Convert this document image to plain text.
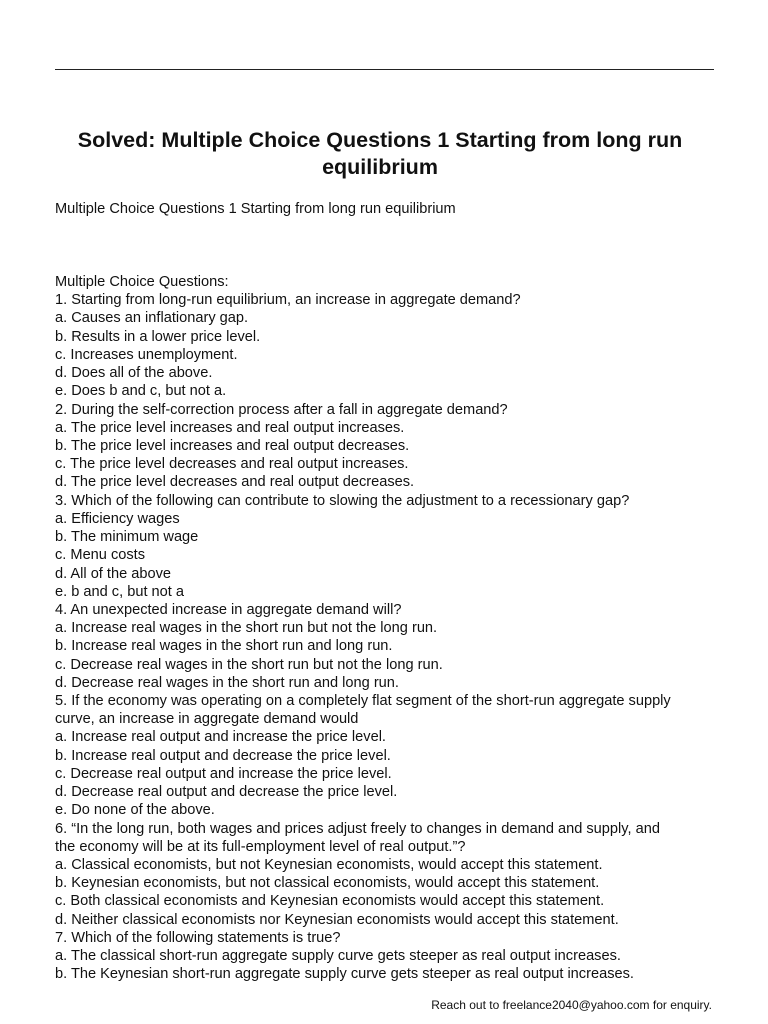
Solved: Multiple Choice Questions 1 Starting from long run equilibrium

Multiple Choice Questions 1 Starting from long run equilibrium

Multiple Choice Questions:
1. Starting from long-run equilibrium, an increase in aggregate demand?
a. Causes an inflationary gap.
b. Results in a lower price level.
c. Increases unemployment.
d. Does all of the above.
e. Does b and c, but not a.
2. During the self-correction process after a fall in aggregate demand?
a. The price level increases and real output increases.
b. The price level increases and real output decreases.
c. The price level decreases and real output increases.
d. The price level decreases and real output decreases.
3. Which of the following can contribute to slowing the adjustment to a recessionary gap?
a. Efficiency wages
b. The minimum wage
c. Menu costs
d. All of the above
e. b and c, but not a
4. An unexpected increase in aggregate demand will?
a. Increase real wages in the short run but not the long run.
b. Increase real wages in the short run and long run.
c. Decrease real wages in the short run but not the long run.
d. Decrease real wages in the short run and long run.
5. If the economy was operating on a completely flat segment of the short-run aggregate supply
curve, an increase in aggregate demand would
a. Increase real output and increase the price level.
b. Increase real output and decrease the price level.
c. Decrease real output and increase the price level.
d. Decrease real output and decrease the price level.
e. Do none of the above.
6. “In the long run, both wages and prices adjust freely to changes in demand and supply, and
the economy will be at its full-employment level of real output.”?
a. Classical economists, but not Keynesian economists, would accept this statement.
b. Keynesian economists, but not classical economists, would accept this statement.
c. Both classical economists and Keynesian economists would accept this statement.
d. Neither classical economists nor Keynesian economists would accept this statement.
7. Which of the following statements is true?
a. The classical short-run aggregate supply curve gets steeper as real output increases.
b. The Keynesian short-run aggregate supply curve gets steeper as real output increases.

Reach out to freelance2040@yahoo.com for enquiry.
